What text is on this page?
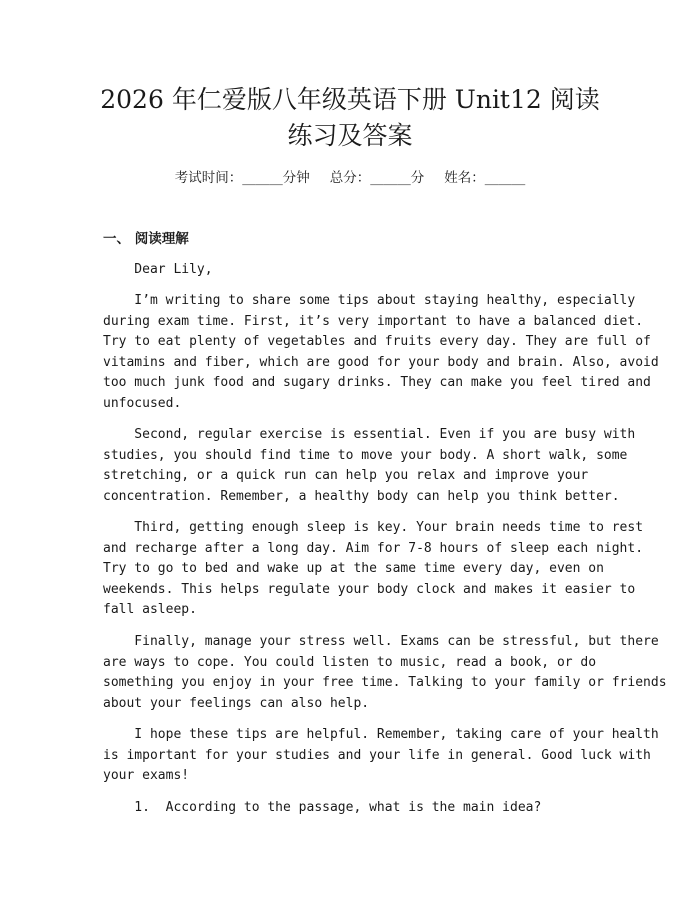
2026 年仁爱版八年级英语下册 Unit12 阅读
练习及答案
考试时间：______分钟 总分：______分 姓名：______
一、 阅读理解
Dear Lily,
I’m writing to share some tips about staying healthy, especially
during exam time. First, it’s very important to have a balanced diet.
Try to eat plenty of vegetables and fruits every day. They are full of
vitamins and fiber, which are good for your body and brain. Also, avoid
too much junk food and sugary drinks. They can make you feel tired and
unfocused.
Second, regular exercise is essential. Even if you are busy with
studies, you should find time to move your body. A short walk, some
stretching, or a quick run can help you relax and improve your
concentration. Remember, a healthy body can help you think better.
Third, getting enough sleep is key. Your brain needs time to rest
and recharge after a long day. Aim for 7-8 hours of sleep each night.
Try to go to bed and wake up at the same time every day, even on
weekends. This helps regulate your body clock and makes it easier to
fall asleep.
Finally, manage your stress well. Exams can be stressful, but there
are ways to cope. You could listen to music, read a book, or do
something you enjoy in your free time. Talking to your family or friends
about your feelings can also help.
I hope these tips are helpful. Remember, taking care of your health
is important for your studies and your life in general. Good luck with
your exams!
1.  According to the passage, what is the main idea?
